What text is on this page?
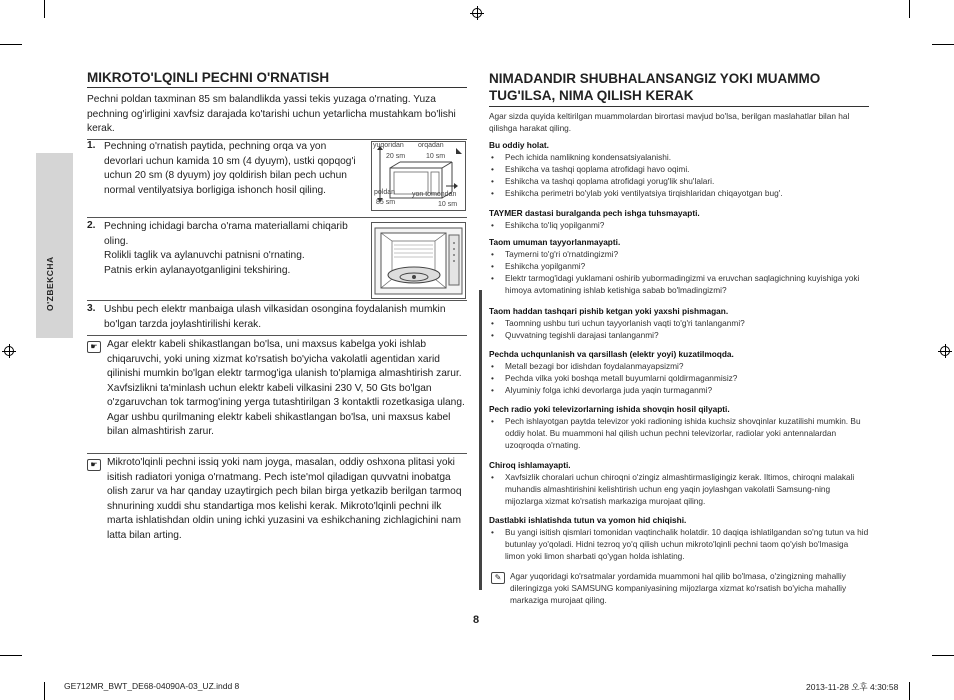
O'ZBEKCHA
MIKROTO'LQINLI PECHNI O'RNATISH
Pechni poldan taxminan 85 sm balandlikda yassi tekis yuzaga o'rnating. Yuza pechning og'irligini xavfsiz darajada ko'tarishi uchun yetarlicha mustahkam bo'lishi kerak.
1. Pechning o'rnatish paytida, pechning orqa va yon devorlari uchun kamida 10 sm (4 dyuym), ustki qopqog'i uchun 20 sm (8 dyuym) joy qoldirish bilan pech uchun normal ventilyatsiya borligiga ishonch hosil qiling.
yuqoridan
20 sm
orqadan
10 sm
poldan
85 sm
yon tomondan
10 sm
2. Pechning ichidagi barcha o'rama materiallami chiqarib oling.
Rolikli taglik va aylanuvchi patnisni o'rnating.
Patnis erkin aylanayotganligini tekshiring.
3. Ushbu pech elektr manbaiga ulash vilkasidan osongina foydalanish mumkin bo'lgan tarzda joylashtirilishi kerak.
☛ Agar elektr kabeli shikastlangan bo'lsa, uni maxsus kabelga yoki ishlab chiqaruvchi, yoki uning xizmat ko'rsatish bo'yicha vakolatli agentidan xarid qilinishi mumkin bo'lgan elektr tarmog'iga ulanish to'plamiga almashtirish zarur.
Xavfsizlikni ta'minlash uchun elektr kabeli vilkasini 230 V, 50 Gts bo'lgan o'zgaruvchan tok tarmog'ining yerga tutashtirilgan 3 kontaktli rozetkasiga ulang. Agar ushbu qurilmaning elektr kabeli shikastlangan bo'lsa, uni maxsus kabel bilan almashtirish zarur.
☛ Mikroto'lqinli pechni issiq yoki nam joyga, masalan, oddiy oshxona plitasi yoki isitish radiatori yoniga o'rnatmang. Pech iste'mol qiladigan quvvatni inobatga olish zarur va har qanday uzaytirgich pech bilan birga yetkazib berilgan tarmoq shnurining xuddi shu standartiga mos kelishi kerak. Mikroto'lqinli pechni ilk marta ishlatishdan oldin uning ichki yuzasini va eshikchaning zichlagichini nam latta bilan arting.
NIMADANDIR SHUBHALANSANGIZ YOKI MUAMMO TUG'ILSA, NIMA QILISH KERAK
Agar sizda quyida keltirilgan muammolardan birortasi mavjud bo'lsa, berilgan maslahatlar bilan hal qilishga harakat qiling.
Bu oddiy holat.
• Pech ichida namlikning kondensatsiyalanishi.
• Eshikcha va tashqi qoplama atrofidagi havo oqimi.
• Eshikcha va tashqi qoplama atrofidagi yorug'lik shu'lalari.
• Eshikcha perimetri bo'ylab yoki ventilyatsiya tirqishlaridan chiqayotgan bug'.
TAYMER dastasi buralganda pech ishga tuhsmayapti.
• Eshikcha to'liq yopilganmi?
Taom umuman tayyorlanmayapti.
• Taymerni to'g'ri o'rnatdingizmi?
• Eshikcha yopilganmi?
• Elektr tarmog'idagi yuklamani oshirib yubormadingizmi va eruvchan saqlagichning kuyishiga yoki himoya avtomatining ishlab ketishiga sabab bo'lmadingizmi?
Taom haddan tashqari pishib ketgan yoki yaxshi pishmagan.
• Taomning ushbu turi uchun tayyorlanish vaqti to'g'ri tanlanganmi?
• Quvvatning tegishli darajasi tanlanganmi?
Pechda uchqunlanish va qarsillash (elektr yoyi) kuzatilmoqda.
• Metall bezagi bor idishdan foydalanmayapsizmi?
• Pechda vilka yoki boshqa metall buyumlarni qoldirmaganmisiz?
• Alyuminiy folga ichki devorlarga juda yaqin turmaganmi?
Pech radio yoki televizorlarning ishida shovqin hosil qilyapti.
• Pech ishlayotgan paytda televizor yoki radioning ishida kuchsiz shovqinlar kuzatilishi mumkin. Bu oddiy holat. Bu muammoni hal qilish uchun pechni televizorlar, radiolar yoki antennalardan uzoqroqda o'rnating.
Chiroq ishlamayapti.
• Xavfsizlik choralari uchun chiroqni o'zingiz almashtirmasligingiz kerak. Iltimos, chiroqni malakali muhandis almashtirishini kelishtirish uchun eng yaqin joylashgan vakolatli Samsung-ning mijozlarga xizmat ko'rsatish markaziga murojaat qiling.
Dastlabki ishlatishda tutun va yomon hid chiqishi.
• Bu yangi isitish qismlari tomonidan vaqtinchalik holatdir. 10 daqiqa ishlatilgandan so'ng tutun va hid butunlay yo'qoladi. Hidni tezroq yo'q qilish uchun mikroto'lqinli pechni taom qo'yish bo'lmasiga limon yoki limon sharbati qo'ygan holda ishlating.
✎	Agar yuqoridagi ko'rsatmalar yordamida muammoni hal qilib bo'lmasa, o'zingizning mahalliy dileringizga yoki SAMSUNG kompaniyasining mijozlarga xizmat ko'rsatish bo'yicha mahalliy markaziga murojaat qiling.
8
GE712MR_BWT_DE68-04090A-03_UZ.indd 8	2013-11-28 오후 4:30:58
